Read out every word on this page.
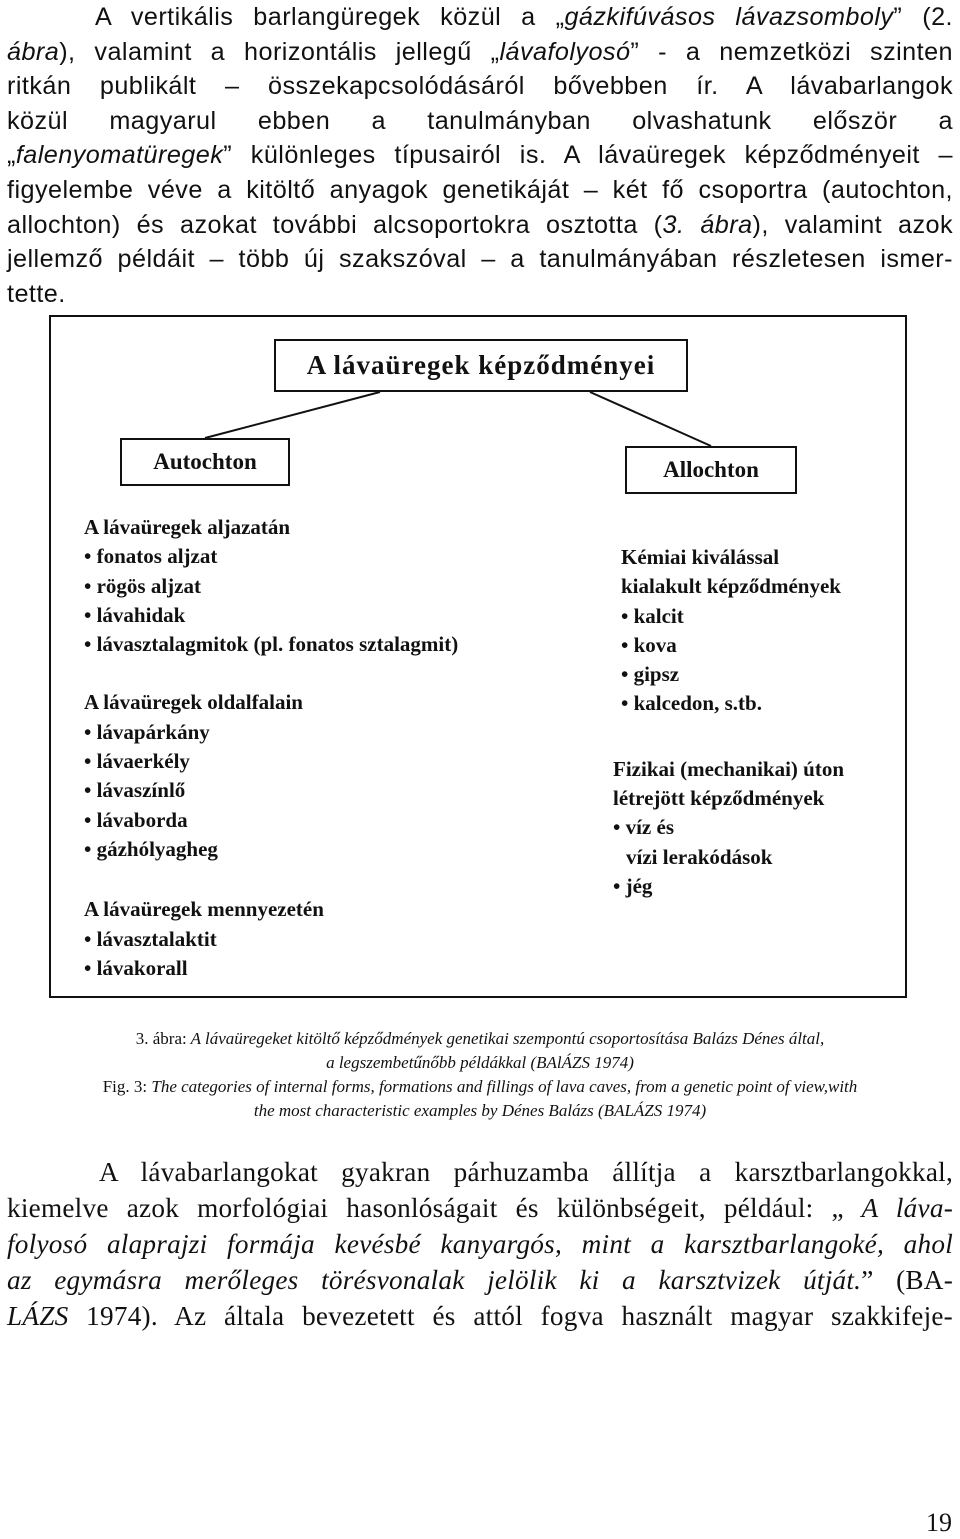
A vertikális barlangüregek közül a „gázkifúvásos lávazsomboly” (2.
ábra), valamint a horizontális jellegű „lávafolyosó” - a nemzetközi szinten
ritkán publikált – összekapcsolódásáról bővebben ír. A lávabarlangok
közül magyarul ebben a tanulmányban olvashatunk először a
„falenyomatüregek” különleges típusairól is. A lávaüregek képződményeit –
figyelembe véve a kitöltő anyagok genetikáját – két fő csoportra (autochton,
allochton) és azokat további alcsoportokra osztotta (3. ábra), valamint azok
jellemző példáit – több új szakszóval – a tanulmányában részletesen ismer-
tette.
A lávaüregek képződményei
Autochton	Allochton
A lávaüregek aljazatán
• fonatos aljzat
• rögös aljzat
• lávahidak
• lávasztalagmitok (pl. fonatos sztalagmit)
A lávaüregek oldalfalain
• lávapárkány
• lávaerkély
• lávaszínlő
• lávaborda
• gázhólyagheg
A lávaüregek mennyezetén
• lávasztalaktit
• lávakorall
Kémiai kiválással
kialakult képződmények
• kalcit
• kova
• gipsz
• kalcedon, s.tb.
Fizikai (mechanikai) úton
létrejött képződmények
• víz és
vízi lerakódások
• jég
3. ábra: A lávaüregeket kitöltő képződmények genetikai szempontú csoportosítása Balázs Dénes által,
a legszembetűnőbb példákkal (BAlÁZS 1974)
Fig. 3: The categories of internal forms, formations and fillings of lava caves, from a genetic point of view,with
the most characteristic examples by Dénes Balázs (BALÁZS 1974)
A lávabarlangokat gyakran párhuzamba állítja a karsztbarlangokkal,
kiemelve azok morfológiai hasonlóságait és különbségeit, például: „ A láva-
folyosó alaprajzi formája kevésbé kanyargós, mint a karsztbarlangoké, ahol
az egymásra merőleges törésvonalak jelölik ki a karsztvizek útját.” (BA-
LÁZS 1974). Az általa bevezetett és attól fogva használt magyar szakkifeje-
19
